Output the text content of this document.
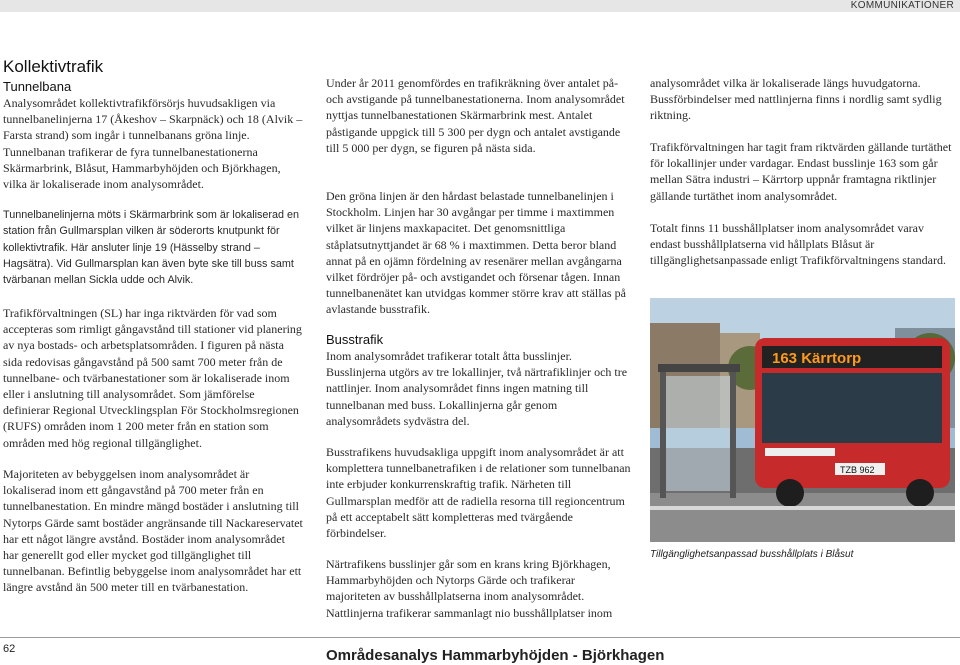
KOMMUNIKATIONER
Kollektivtrafik
Tunnelbana

Analysområdet kollektivtrafikförsörjs huvudsakligen via tunnelbanelinjerna 17 (Åkeshov – Skarpnäck) och 18 (Alvik – Farsta strand) som ingår i tunnelbanans gröna linje. Tunnelbanan trafikerar de fyra tunnelbanestationerna Skärmarbrink, Blåsut, Hammarbyhöjden och Björkhagen, vilka är lokaliserade inom analysområdet.

Tunnelbanelinjerna möts i Skärmarbrink som är lokaliserad en station från Gullmarsplan vilken är söderorts knutpunkt för kollektivtrafik. Här ansluter linje 19 (Hässelby strand – Hagsätra). Vid Gullmarsplan kan även byte ske till buss samt tvärbanan mellan Sickla udde och Alvik.

Trafikförvaltningen (SL) har inga riktvärden för vad som accepteras som rimligt gångavstånd till stationer vid planering av nya bostads- och arbetsplatsområden. I figuren på nästa sida redovisas gångavstånd på 500 samt 700 meter från de tunnelbane- och tvärbanestationer som är lokaliserade inom eller i anslutning till analysområdet. Som jämförelse definierar Regional Utvecklingsplan För Stockholmsregionen (RUFS) områden inom 1 200 meter från en station som områden med hög regional tillgänglighet.

Majoriteten av bebyggelsen inom analysområdet är lokaliserad inom ett gångavstånd på 700 meter från en tunnelbanestation. En mindre mängd bostäder i anslutning till Nytorps Gärde samt bostäder angränsande till Nackareservatet har ett något längre avstånd. Bostäder inom analysområdet har generellt god eller mycket god tillgänglighet till tunnelbanan. Befintlig bebyggelse inom analysområdet har ett längre avstånd än 500 meter till en tvärbanestation.

Under år 2011 genomfördes en trafikräkning över antalet på- och avstigande på tunnelbanestationerna. Inom analysområdet nyttjas tunnelbanestationen Skärmarbrink mest. Antalet påstigande uppgick till 5 300 per dygn och antalet avstigande till 5 000 per dygn, se figuren på nästa sida.

Den gröna linjen är den hårdast belastade tunnelbanelinjen i Stockholm. Linjen har 30 avgångar per timme i maxtimmen vilket är linjens maxkapacitet. Det genomsnittliga ståplatsutnyttjandet är 68 % i maxtimmen. Detta beror bland annat på en ojämn fördelning av resenärer mellan avgångarna vilket fördröjer på- och avstigandet och försenar tågen. Innan tunnelbanenätet kan utvidgas kommer större krav att ställas på avlastande busstrafik.

Busstrafik

Inom analysområdet trafikerar totalt åtta busslinjer. Busslinjerna utgörs av tre lokallinjer, två närtrafiklinjer och tre nattlinjer. Inom analysområdet finns ingen matning till tunnelbanan med buss. Lokallinjerna går genom analysområdets sydvästra del.

Busstrafikens huvudsakliga uppgift inom analysområdet är att komplettera tunnelbanetrafiken i de relationer som tunnelbanan inte erbjuder konkurrenskraftig trafik. Närheten till Gullmarsplan medför att de radiella resorna till regioncentrum på ett acceptabelt sätt kompletteras med tvärgående förbindelser.

Närtrafikens busslinjer går som en krans kring Björkhagen, Hammarbyhöjden och Nytorps Gärde och trafikerar majoriteten av busshållplatserna inom analysområdet. Nattlinjerna trafikerar sammanlagt nio busshållplatser inom

analysområdet vilka är lokaliserade längs huvudgatorna. Bussförbindelser med nattlinjerna finns i nordlig samt sydlig riktning.

Trafikförvaltningen har tagit fram riktvärden gällande turtäthet för lokallinjer under vardagar. Endast busslinje 163 som går mellan Sätra industri – Kärrtorp uppnår framtagna riktlinjer gällande turtäthet inom analysområdet.

Totalt finns 11 busshållplatser inom analysområdet varav endast busshållplatserna vid hållplats Blåsut är tillgänglighetsanpassade enligt Trafikförvaltningens standard.

163 Kärrtorp
TZB 962
Tillgänglighetsanpassad busshållplats i Blåsut
62	Områdesanalys Hammarbyhöjden - Björkhagen
